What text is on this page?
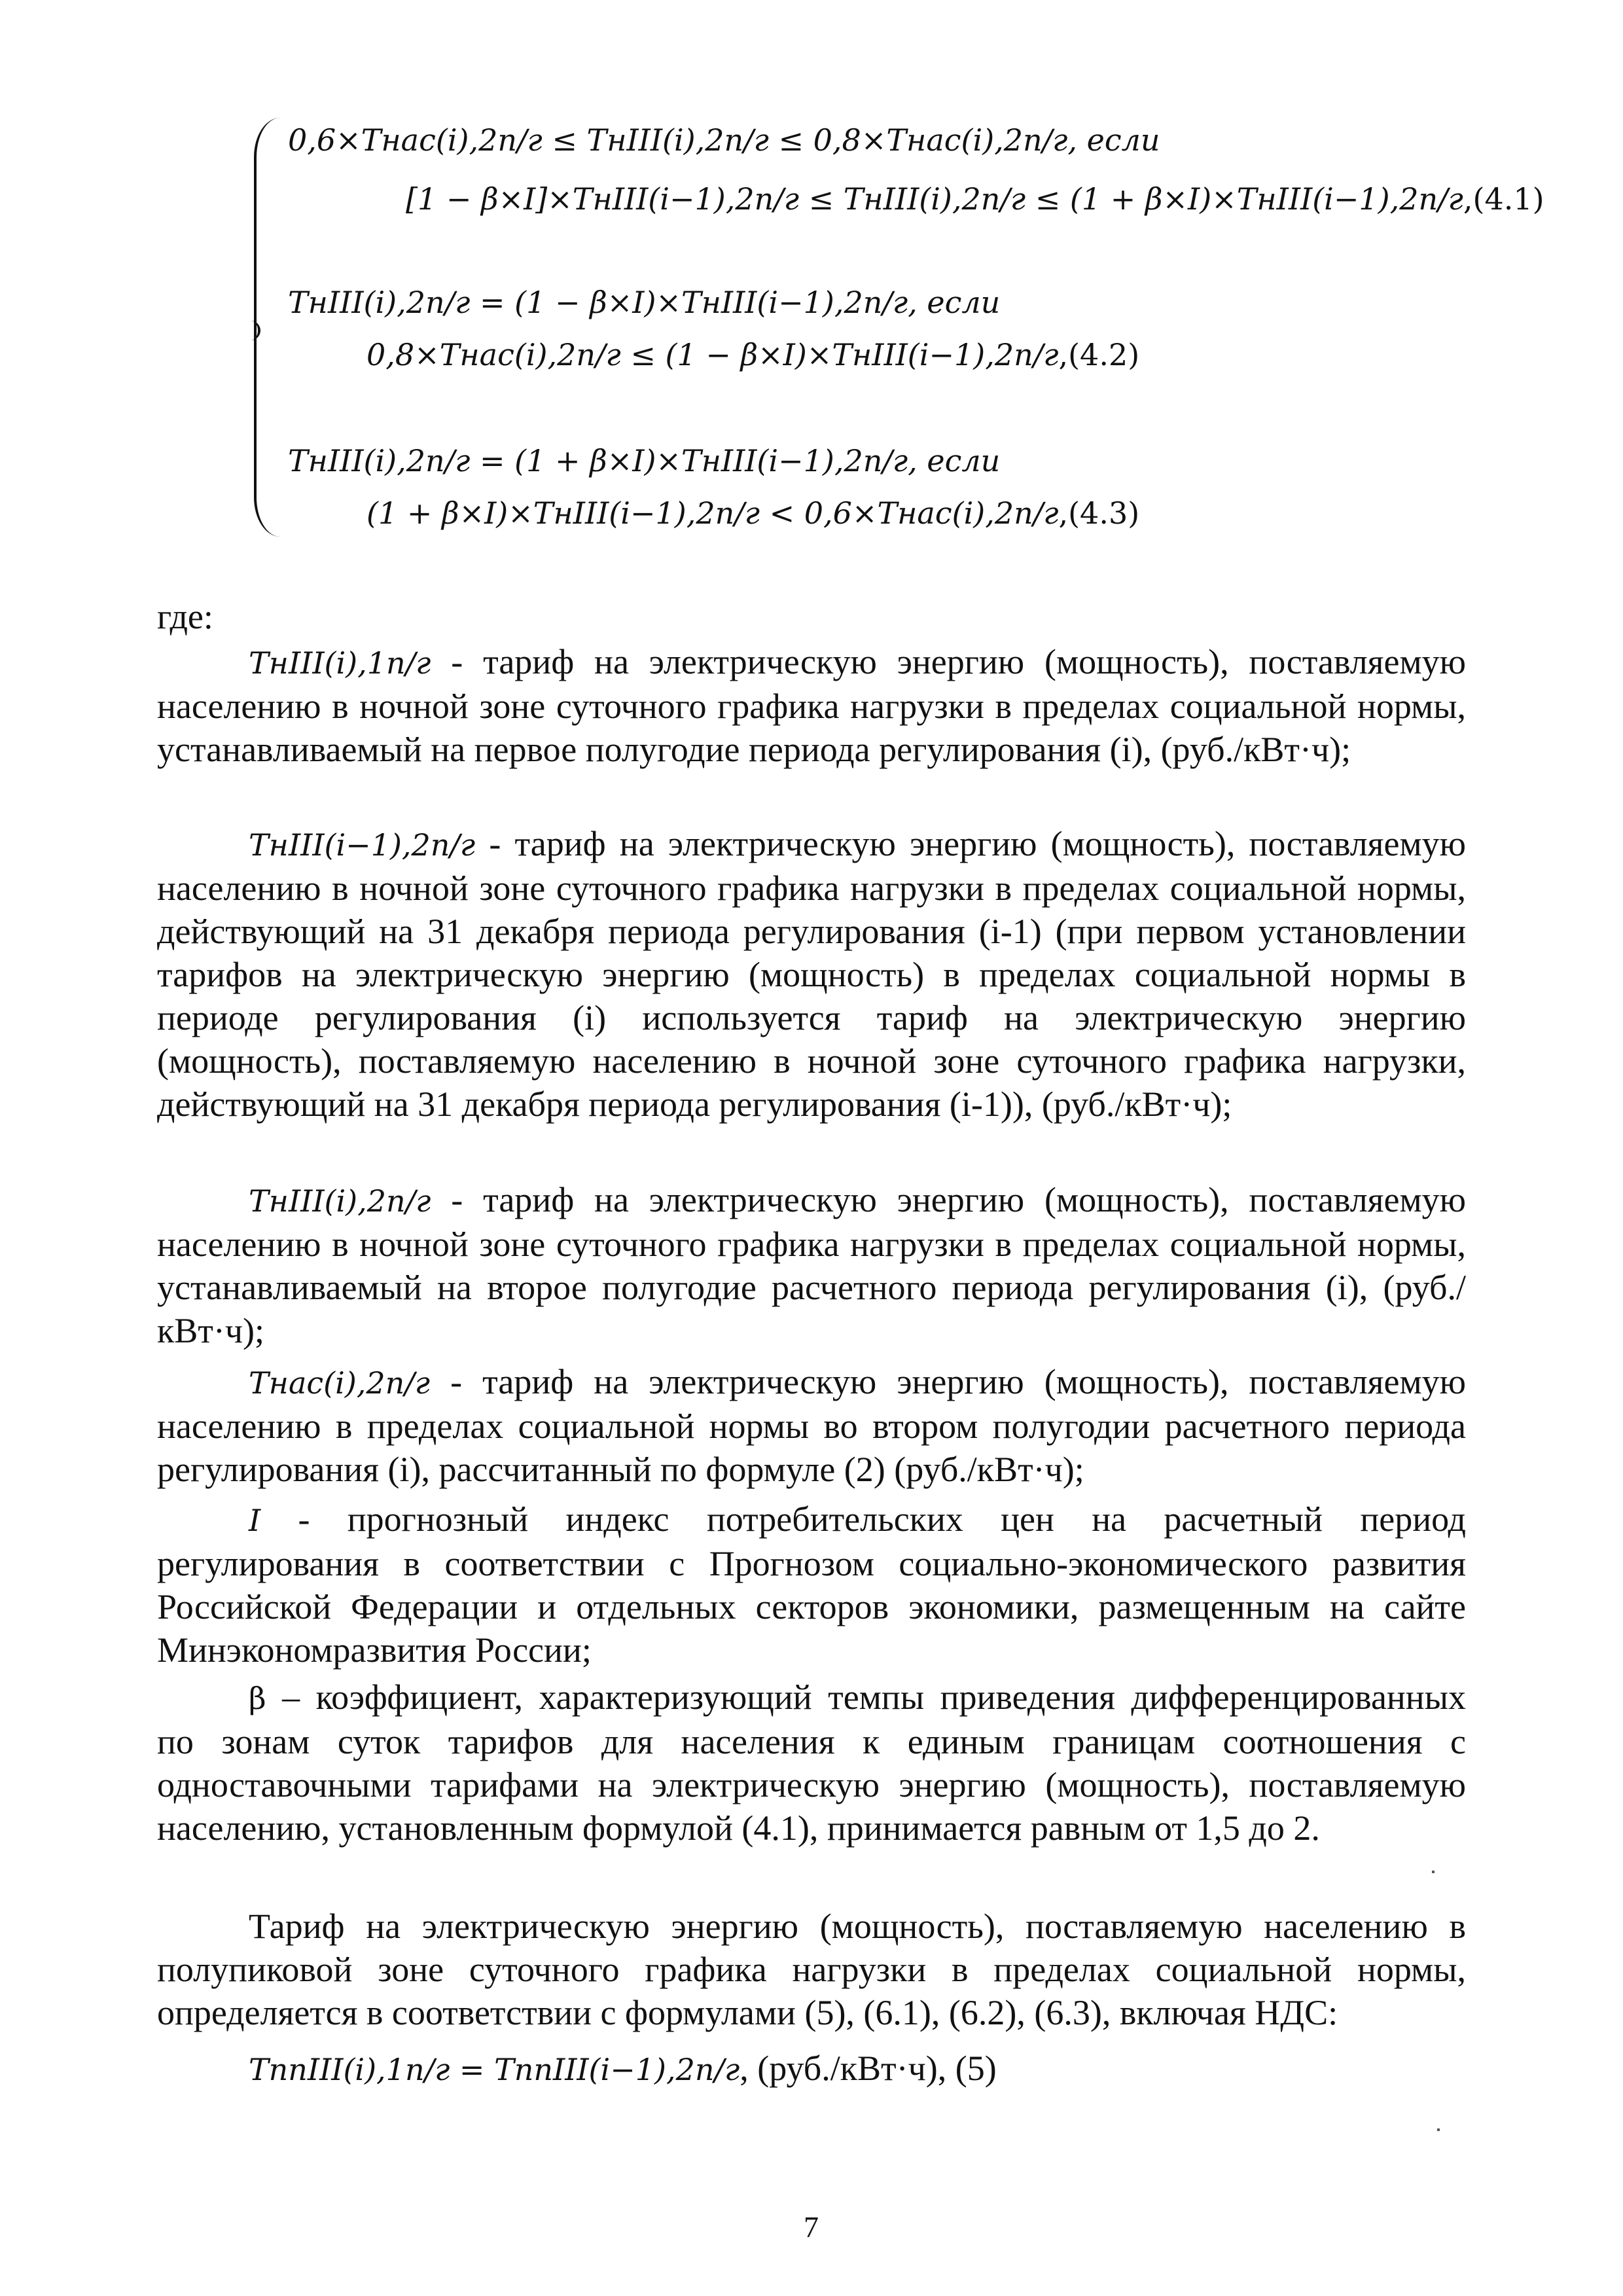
0,6×Tнас(i),2п/г ≤ TнIII(i),2п/г ≤ 0,8×Tнас(i),2п/г, если
[1 − β×I]×TнIII(i−1),2п/г ≤ TнIII(i),2п/г ≤ (1 + β×I)×TнIII(i−1),2п/г,(4.1)
TнIII(i),2п/г = (1 − β×I)×TнIII(i−1),2п/г, если
0,8×Tнас(i),2п/г ≤ (1 − β×I)×TнIII(i−1),2п/г,(4.2)
TнIII(i),2п/г = (1 + β×I)×TнIII(i−1),2п/г, если
(1 + β×I)×TнIII(i−1),2п/г < 0,6×Tнас(i),2п/г,(4.3)
где:
TнIII(i),1п/г - тариф на электрическую энергию (мощность), поставляемую населению в ночной зоне суточного графика нагрузки в пределах социальной нормы, устанавливаемый на первое полугодие периода регулирования (i), (руб./кВт·ч);
TнIII(i−1),2п/г - тариф на электрическую энергию (мощность), поставляемую населению в ночной зоне суточного графика нагрузки в пределах социальной нормы, действующий на 31 декабря периода регулирования (i-1) (при первом установлении тарифов на электрическую энергию (мощность) в пределах социальной нормы в периоде регулирования (i) используется тариф на электрическую энергию (мощность), поставляемую населению в ночной зоне суточного графика нагрузки, действующий на 31 декабря периода регулирования (i-1)), (руб./кВт·ч);
TнIII(i),2п/г - тариф на электрическую энергию (мощность), поставляемую населению в ночной зоне суточного графика нагрузки в пределах социальной нормы, устанавливаемый на второе полугодие расчетного периода регулирования (i), (руб./ кВт·ч);
Tнас(i),2п/г - тариф на электрическую энергию (мощность), поставляемую населению в пределах социальной нормы во втором полугодии расчетного периода регулирования (i), рассчитанный по формуле (2) (руб./кВт·ч);
I - прогнозный индекс потребительских цен на расчетный период регулирования в соответствии с Прогнозом социально-экономического развития Российской Федерации и отдельных секторов экономики, размещенным на сайте Минэкономразвития России;
β – коэффициент, характеризующий темпы приведения дифференцированных по зонам суток тарифов для населения к единым границам соотношения с одноставочными тарифами на электрическую энергию (мощность), поставляемую населению, установленным формулой (4.1), принимается равным от 1,5 до 2.
Тариф на электрическую энергию (мощность), поставляемую населению в полупиковой зоне суточного графика нагрузки в пределах социальной нормы, определяется в соответствии с формулами (5), (6.1), (6.2), (6.3), включая НДС:
TппIII(i),1п/г = TппIII(i−1),2п/г, (руб./кВт·ч), (5)
7
